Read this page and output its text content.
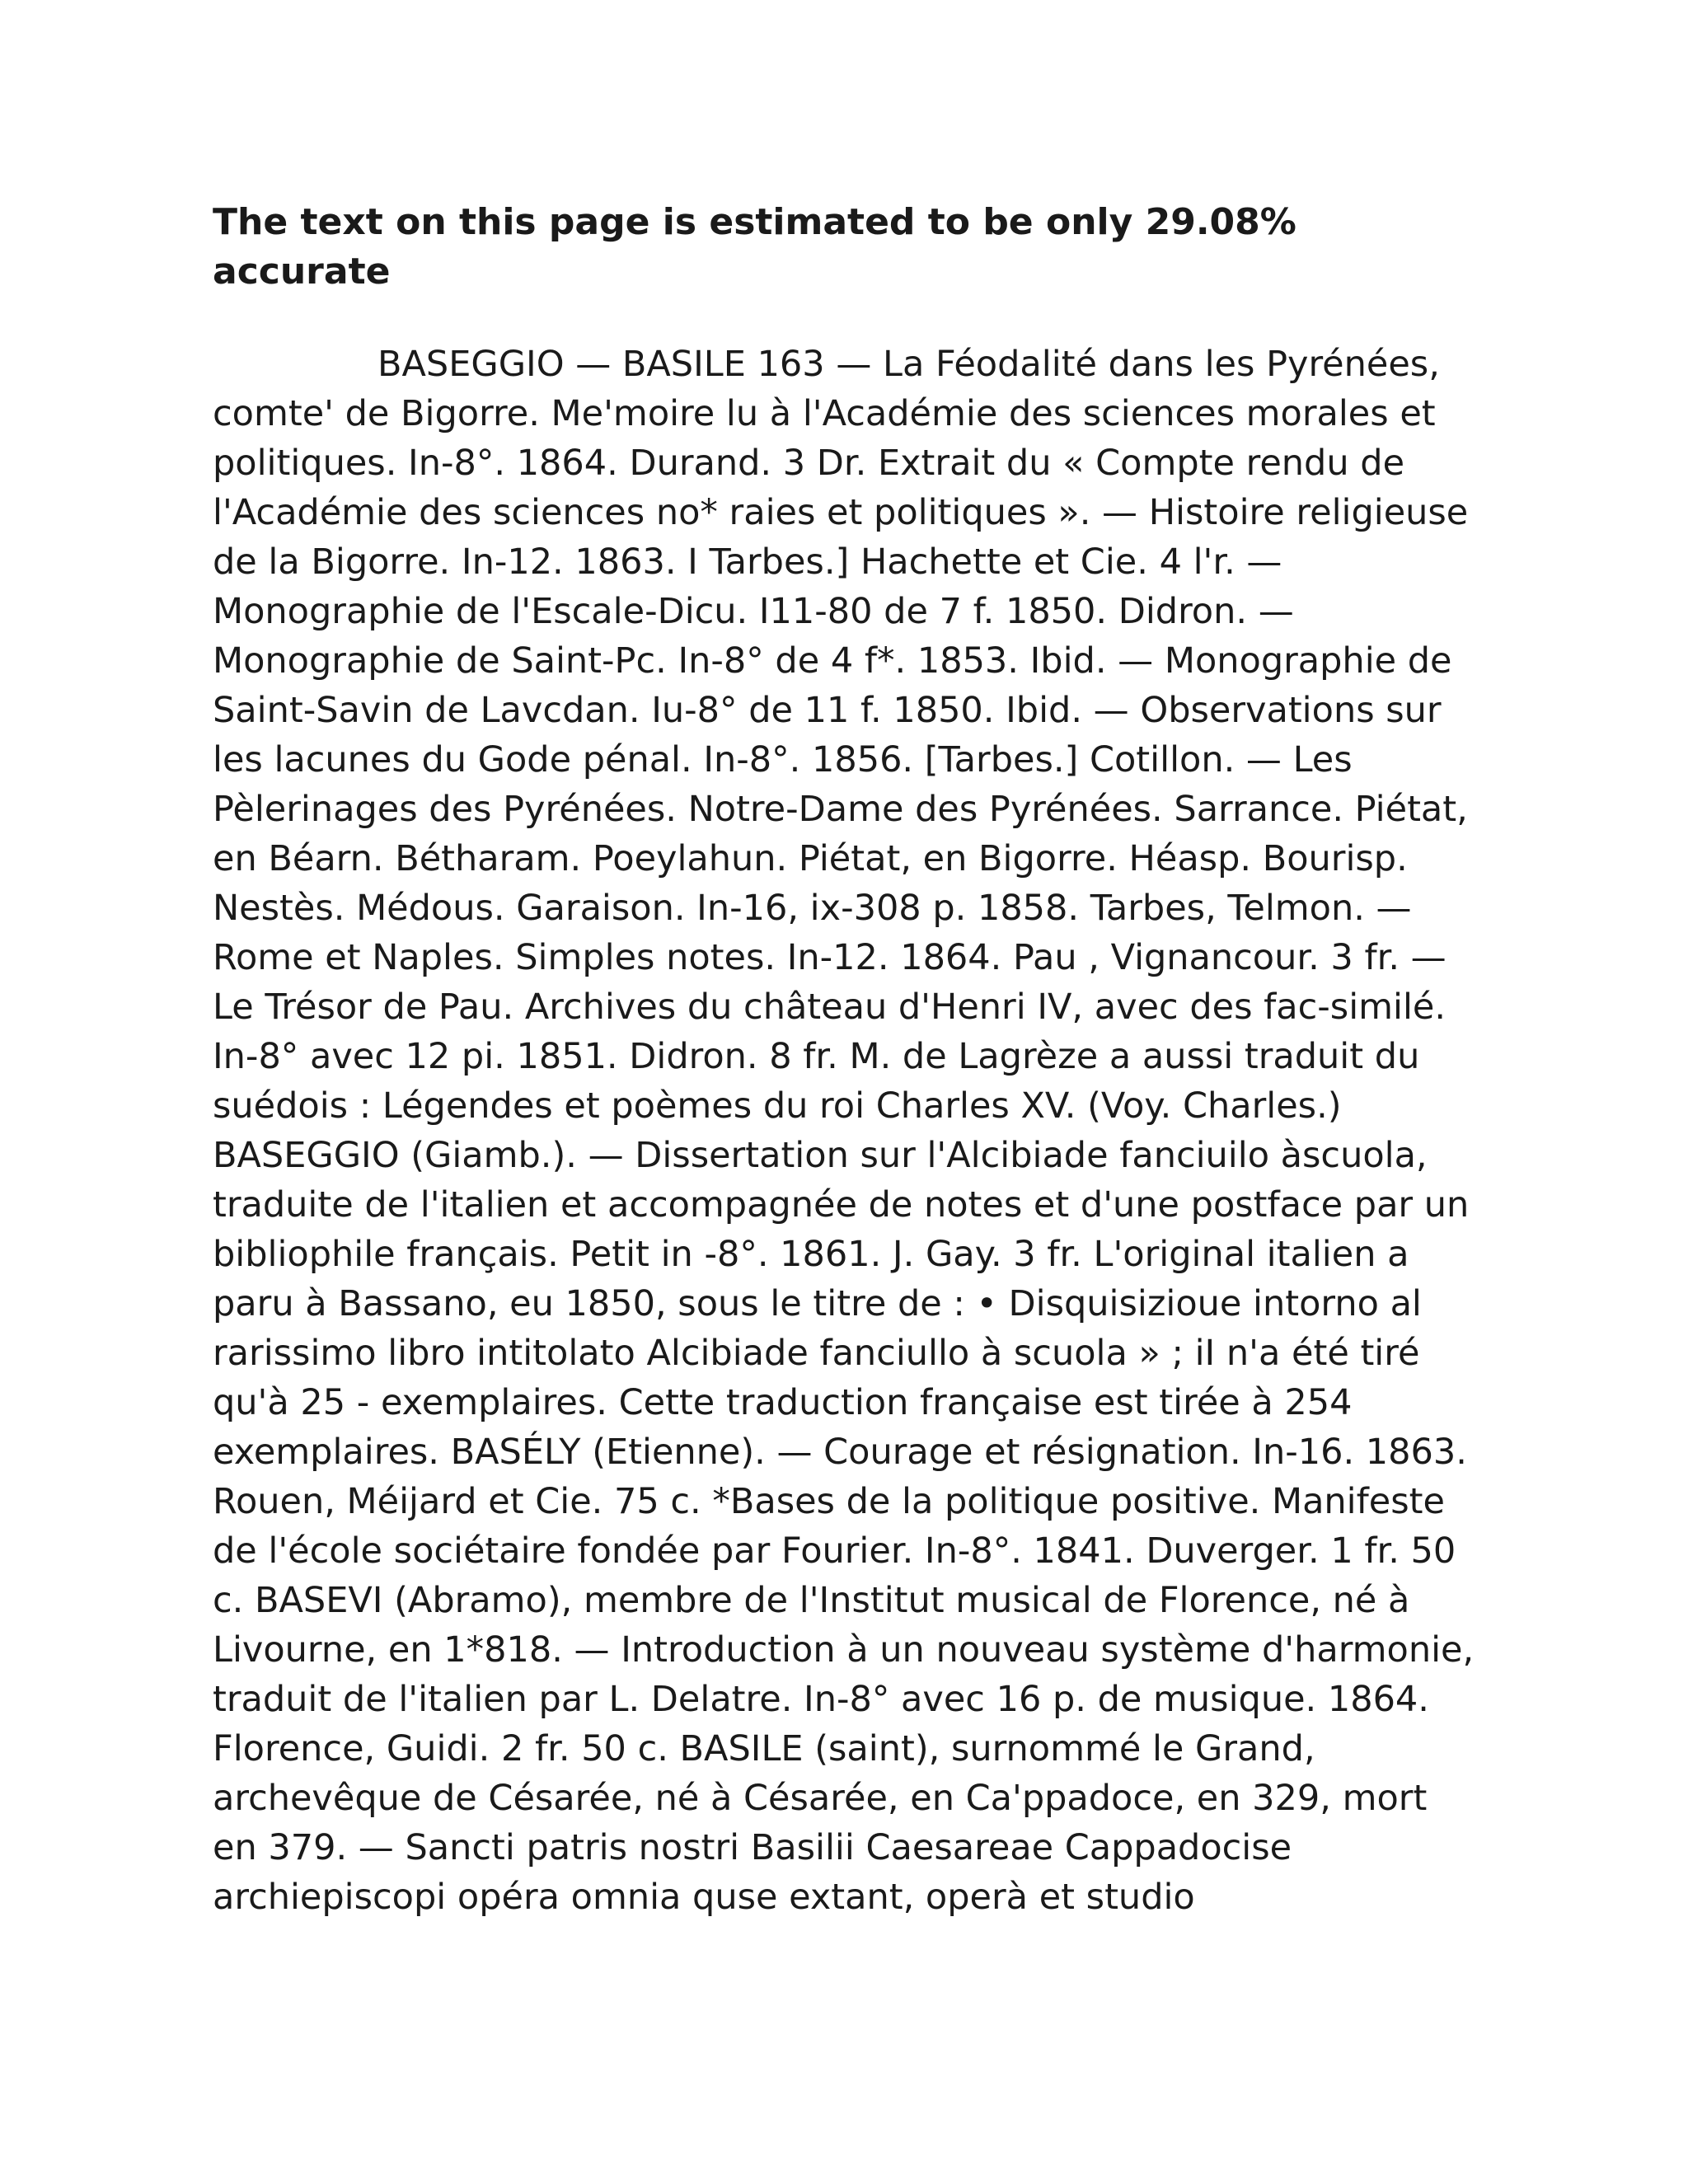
The text on this page is estimated to be only 29.08% accurate

BASEGGIO — BASILE 163 — La Féodalité dans les Pyrénées, comte' de Bigorre. Me'moire lu à l'Académie des sciences morales et politiques. In-8°. 1864. Durand. 3 Dr. Extrait du « Compte rendu de l'Académie des sciences no* raies et politiques ». — Histoire religieuse de la Bigorre. In-12. 1863. I Tarbes.] Hachette et Cie. 4 l'r. — Monographie de l'Escale-Dicu. I11-80 de 7 f. 1850. Didron. — Monographie de Saint-Pc. In-8° de 4 f*. 1853. Ibid. — Monographie de Saint-Savin de Lavcdan. Iu-8° de 11 f. 1850. Ibid. — Observations sur les lacunes du Gode pénal. In-8°. 1856. [Tarbes.] Cotillon. — Les Pèlerinages des Pyrénées. Notre-Dame des Pyrénées. Sarrance. Piétat, en Béarn. Bétharam. Poeylahun. Piétat, en Bigorre. Héasp. Bourisp. Nestès. Médous. Garaison. In-16, ix-308 p. 1858. Tarbes, Telmon. — Rome et Naples. Simples notes. In-12. 1864. Pau , Vignancour. 3 fr. — Le Trésor de Pau. Archives du château d'Henri IV, avec des fac-similé. In-8° avec 12 pi. 1851. Didron. 8 fr. M. de Lagrèze a aussi traduit du suédois : Légendes et poèmes du roi Charles XV. (Voy. Charles.) BASEGGIO (Giamb.). — Dissertation sur l'Alcibiade fanciuilo àscuola, traduite de l'italien et accompagnée de notes et d'une postface par un bibliophile français. Petit in -8°. 1861. J. Gay. 3 fr. L'original italien a paru à Bassano, eu 1850, sous le titre de : • Disquisizioue intorno al rarissimo libro intitolato Alcibiade fanciullo à scuola » ; iI n'a été tiré qu'à 25 - exemplaires. Cette traduction française est tirée à 254 exemplaires. BASÉLY (Etienne). — Courage et résignation. In-16. 1863. Rouen, Méijard et Cie. 75 c. *Bases de la politique positive. Manifeste de l'école sociétaire fondée par Fourier. In-8°. 1841. Duverger. 1 fr. 50 c. BASEVI (Abramo), membre de l'Institut musical de Florence, né à Livourne, en 1*818. — Introduction à un nouveau système d'harmonie, traduit de l'italien par L. Delatre. In-8° avec 16 p. de musique. 1864. Florence, Guidi. 2 fr. 50 c. BASILE (saint), surnommé le Grand, archevêque de Césarée, né à Césarée, en Ca'ppadoce, en 329, mort en 379. — Sancti patris nostri Basilii Caesareae Cappadocise archiepiscopi opéra omnia quse extant, operà et studio
